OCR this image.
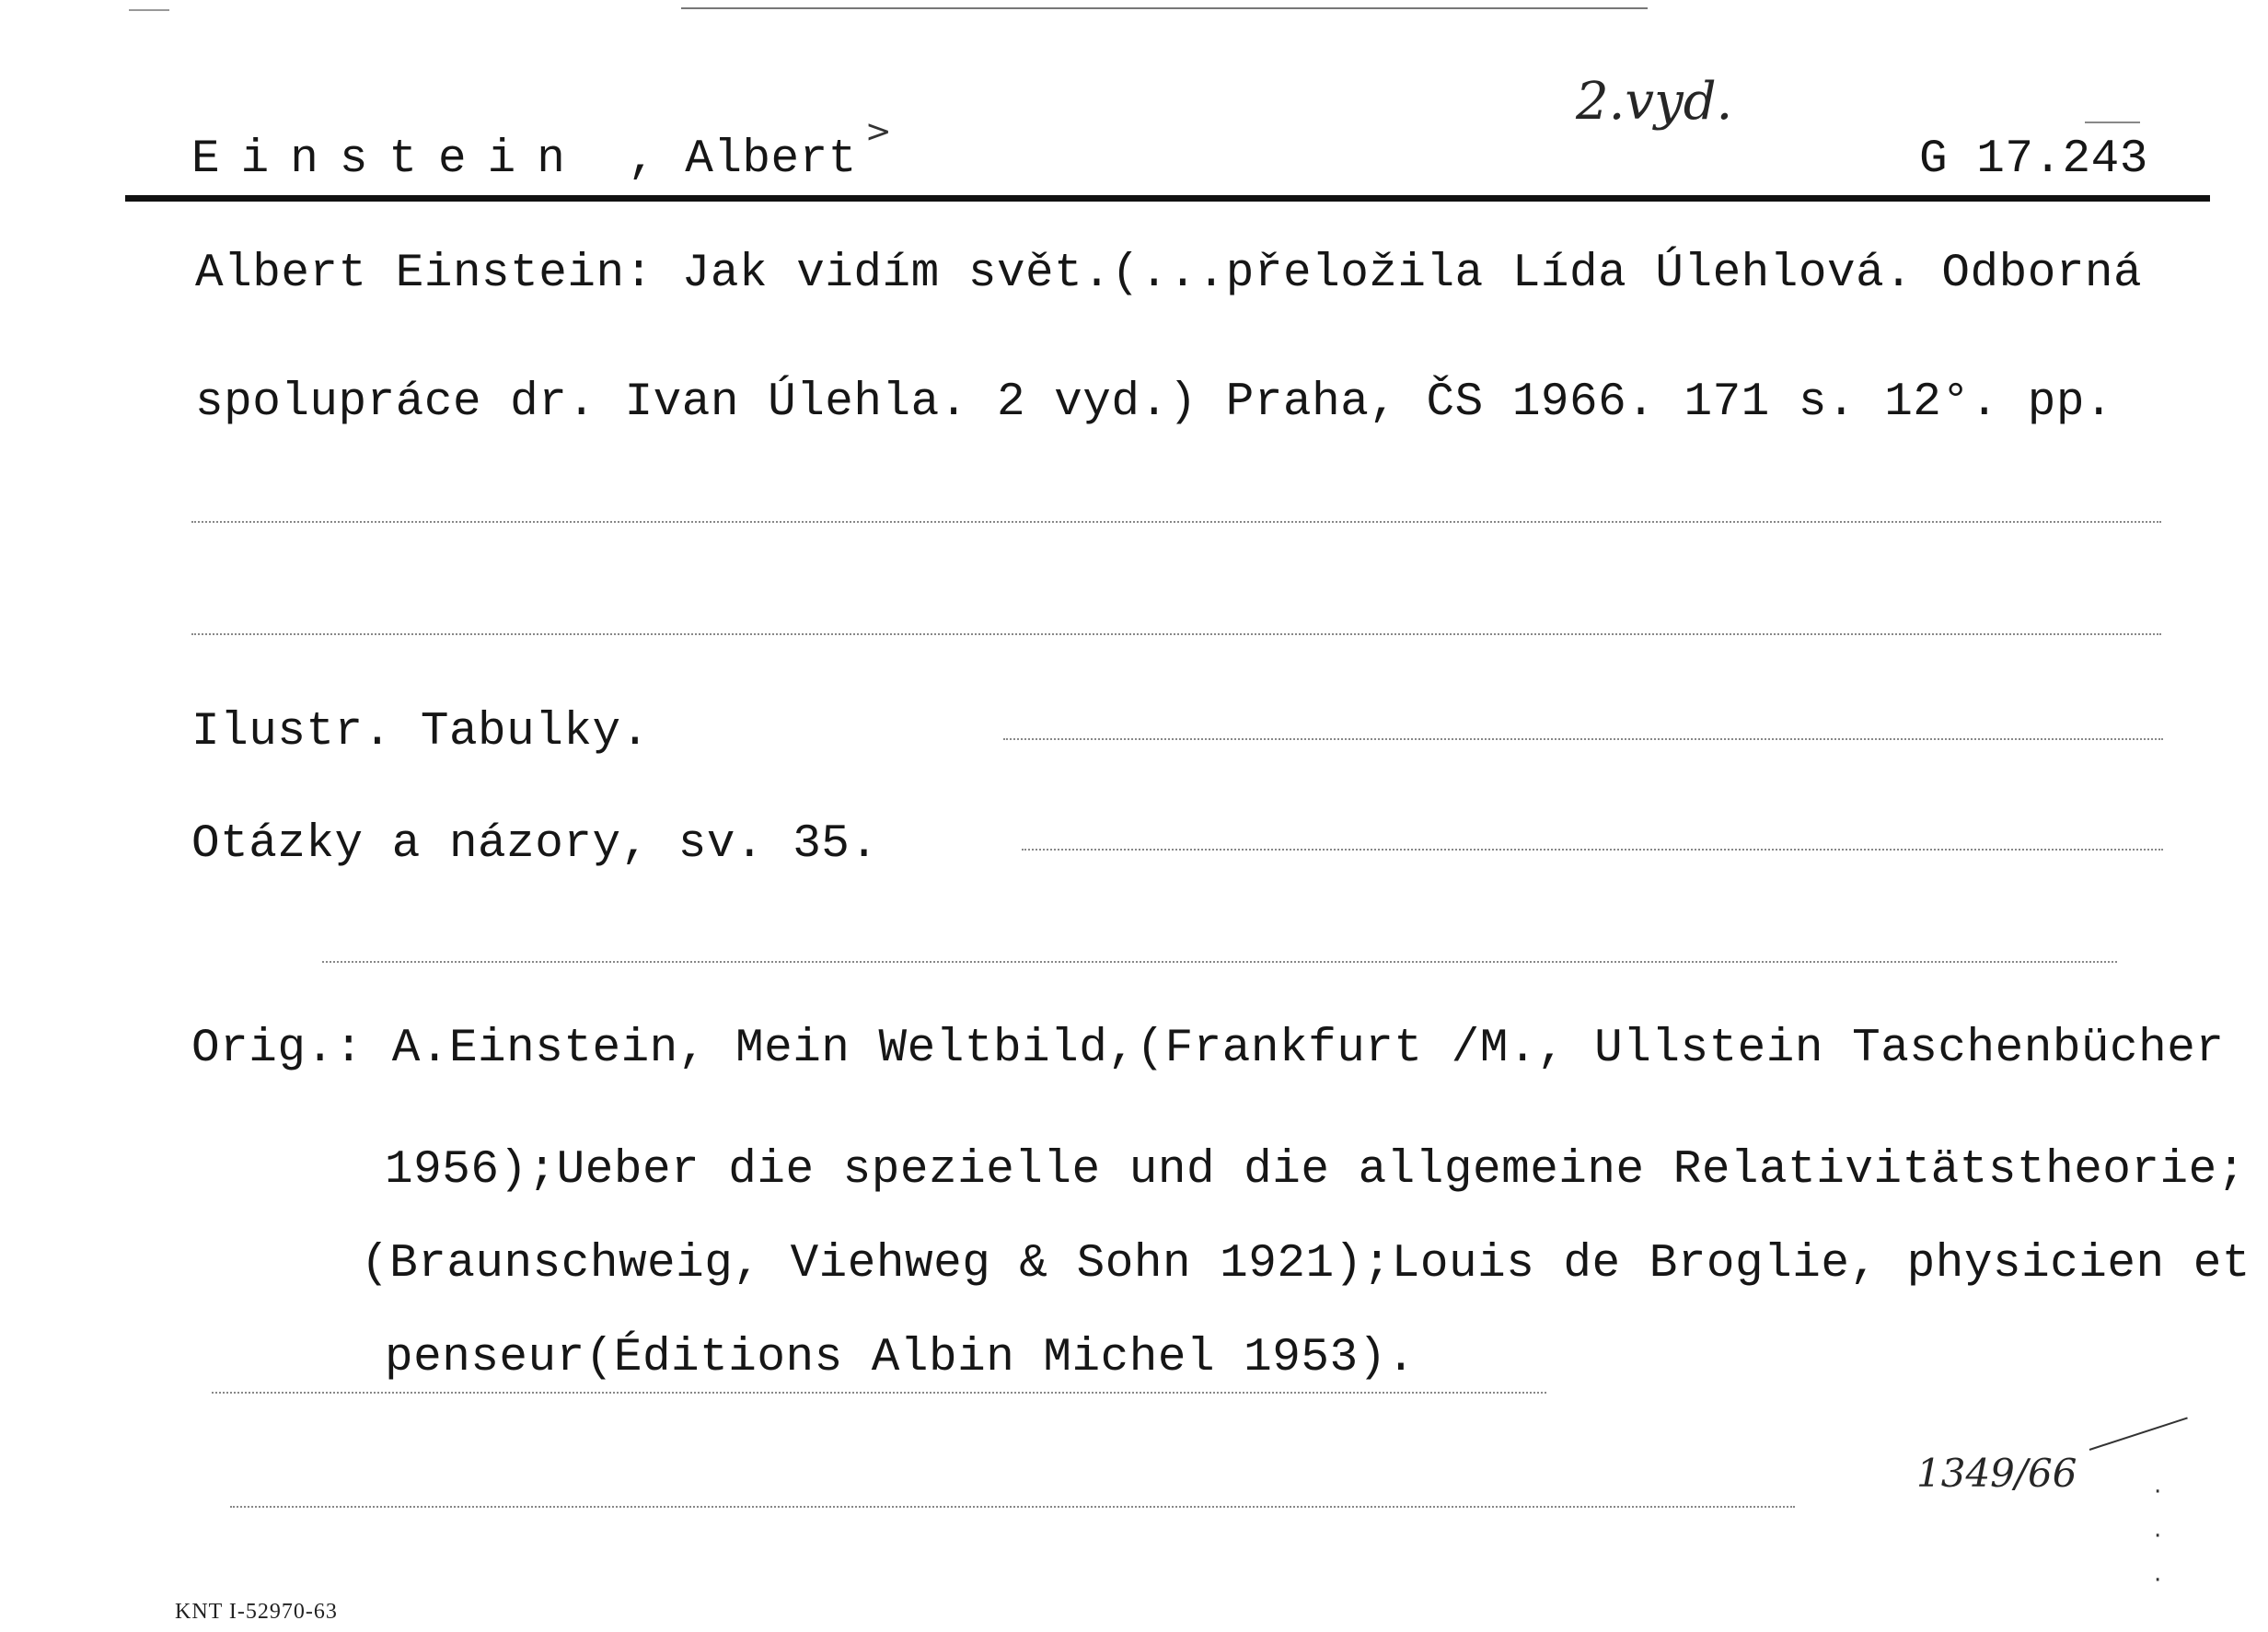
Einstein , Albert
>	2.vyd.
G 17.243
Albert Einstein: Jak vidím svět.(...přeložila Lída Úlehlová. Odborná
spolupráce dr. Ivan Úlehla. 2 vyd.) Praha, ČS 1966. 171 s. 12°. pp.
Ilustr. Tabulky.
Otázky a názory, sv. 35.
Orig.: A.Einstein, Mein Weltbild,(Frankfurt /M., Ullstein Taschenbücher
1956);Ueber die spezielle und die allgemeine Relativitätstheorie;
(Braunschweig, Viehweg & Sohn 1921);Louis de Broglie, physicien et
penseur(Éditions Albin Michel 1953).
1349/66	·
·
·
KNT I-52970-63
